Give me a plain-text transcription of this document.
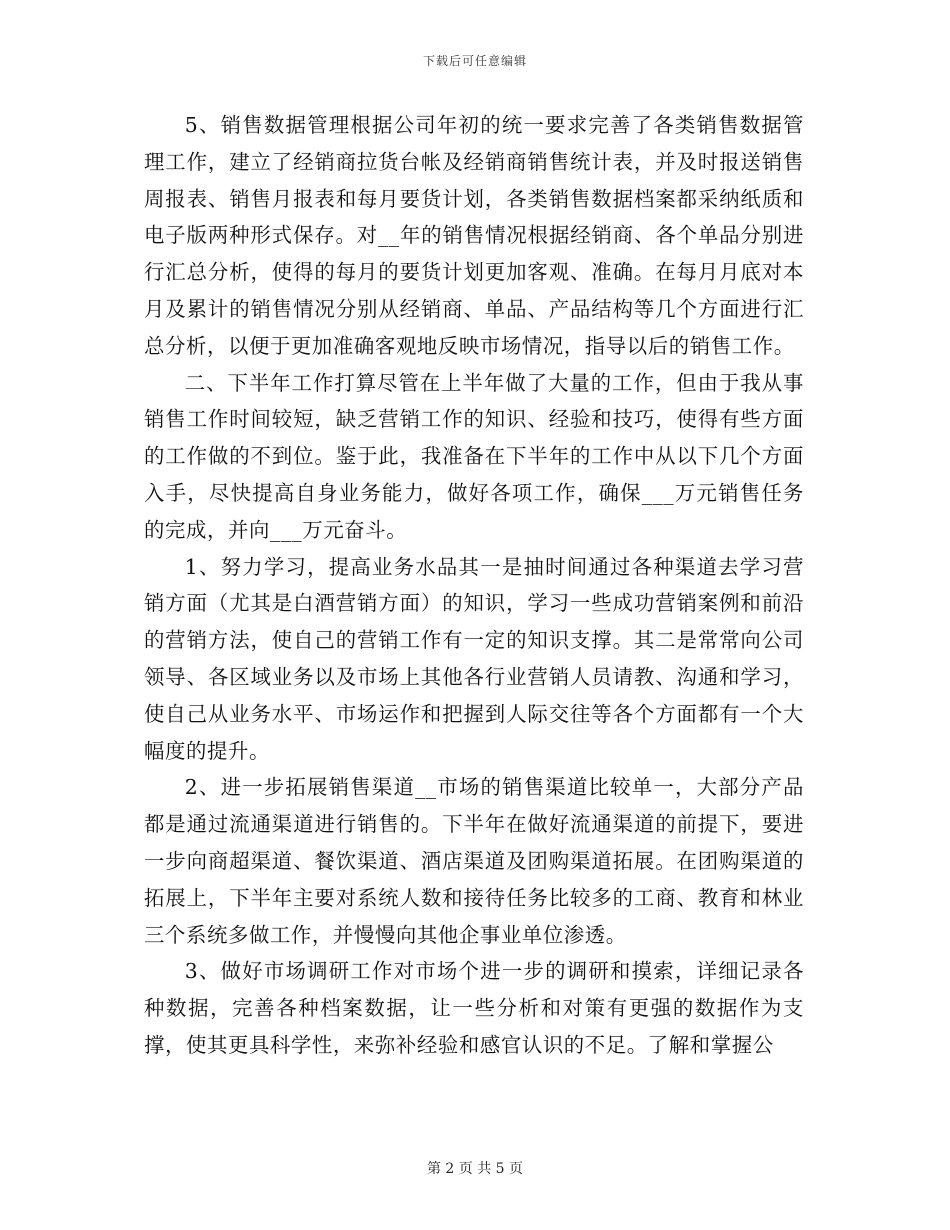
下载后可任意编辑

5、销售数据管理根据公司年初的统一要求完善了各类销售数据管理工作，建立了经销商拉货台帐及经销商销售统计表，并及时报送销售周报表、销售月报表和每月要货计划，各类销售数据档案都采纳纸质和电子版两种形式保存。对__年的销售情况根据经销商、各个单品分别进行汇总分析，使得的每月的要货计划更加客观、准确。在每月月底对本月及累计的销售情况分别从经销商、单品、产品结构等几个方面进行汇总分析，以便于更加准确客观地反映市场情况，指导以后的销售工作。

二、下半年工作打算尽管在上半年做了大量的工作，但由于我从事销售工作时间较短，缺乏营销工作的知识、经验和技巧，使得有些方面的工作做的不到位。鉴于此，我准备在下半年的工作中从以下几个方面入手，尽快提高自身业务能力，做好各项工作，确保___万元销售任务的完成，并向___万元奋斗。

1、努力学习，提高业务水品其一是抽时间通过各种渠道去学习营销方面（尤其是白酒营销方面）的知识，学习一些成功营销案例和前沿的营销方法，使自己的营销工作有一定的知识支撑。其二是常常向公司领导、各区域业务以及市场上其他各行业营销人员请教、沟通和学习，使自己从业务水平、市场运作和把握到人际交往等各个方面都有一个大幅度的提升。

2、进一步拓展销售渠道__市场的销售渠道比较单一，大部分产品都是通过流通渠道进行销售的。下半年在做好流通渠道的前提下，要进一步向商超渠道、餐饮渠道、酒店渠道及团购渠道拓展。在团购渠道的拓展上，下半年主要对系统人数和接待任务比较多的工商、教育和林业三个系统多做工作，并慢慢向其他企事业单位渗透。

3、做好市场调研工作对市场个进一步的调研和摸索，详细记录各种数据，完善各种档案数据，让一些分析和对策有更强的数据作为支撑，使其更具科学性，来弥补经验和感官认识的不足。了解和掌握公

第 2 页 共 5 页
